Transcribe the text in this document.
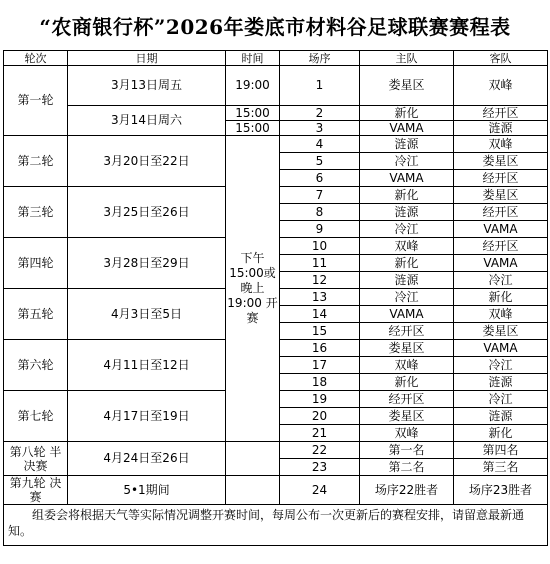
“农商银行杯”2026年娄底市材料谷足球联赛赛程表
轮次	日期	时间	场序	主队	客队
第一轮	3月13日周五	19:00	1	娄星区	双峰
	3月14日周六	15:00	2	新化	经开区
		15:00	3	VAMA	涟源
第二轮	3月20日至22日	下午 15:00或 晚上 19:00 开赛	4	涟源	双峰
			5	冷江	娄星区
			6	VAMA	经开区
第三轮	3月25日至26日		7	新化	娄星区
			8	涟源	经开区
			9	冷江	VAMA
第四轮	3月28日至29日		10	双峰	经开区
			11	新化	VAMA
			12	涟源	冷江
第五轮	4月3日至5日		13	冷江	新化
			14	VAMA	双峰
			15	经开区	娄星区
第六轮	4月11日至12日		16	娄星区	VAMA
			17	双峰	冷江
			18	新化	涟源
第七轮	4月17日至19日		19	经开区	冷江
			20	娄星区	涟源
			21	双峰	新化
第八轮 半决赛	4月24日至26日		22	第一名	第四名
			23	第二名	第三名
第九轮 决赛	5•1期间		24	场序22胜者	场序23胜者
组委会将根据天气等实际情况调整开赛时间，每周公布一次更新后的赛程安排，请留意最新通知。					
